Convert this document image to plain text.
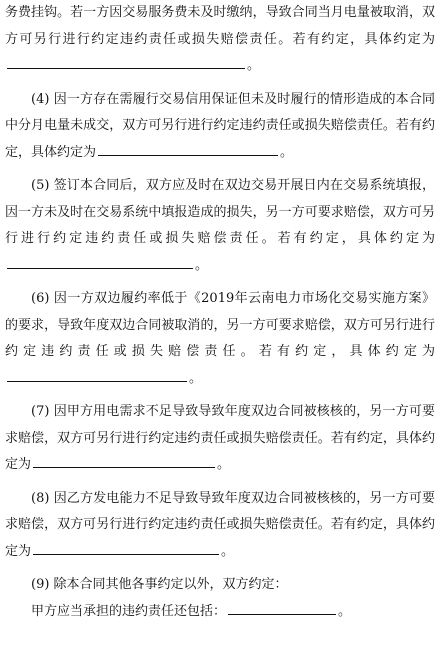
务费挂钩。若一方因交易服务费未及时缴纳，导致合同当月电量被取消，双方可另行进行约定违约责任或损失赔偿责任。若有约定，具体约定为。

(4) 因一方存在需履行交易信用保证但未及时履行的情形造成的本合同中分月电量未成交，双方可另行进行约定违约责任或损失赔偿责任。若有约定，具体约定为	。

(5) 签订本合同后，双方应及时在双边交易开展日内在交易系统填报，因一方未及时在交易系统中填报造成的损失，另一方可要求赔偿，双方可另行进行约定违约责任或损失赔偿责任。若有约定，具体约定为。

(6) 因一方双边履约率低于《2019年云南电力市场化交易实施方案》的要求，导致年度双边合同被取消的，另一方可要求赔偿，双方可另行进行约定违约责任或损失赔偿责任。若有约定，具体约定为。

(7) 因甲方用电需求不足导致导致年度双边合同被核核的，另一方可要求赔偿，双方可另行进行约定违约责任或损失赔偿责任。若有约定，具体约定为	。

(8) 因乙方发电能力不足导致导致年度双边合同被核核的，另一方可要求赔偿，双方可另行进行约定违约责任或损失赔偿责任。若有约定，具体约定为	。

(9) 除本合同其他各事约定以外，双方约定：

甲方应当承担的违约责任还包括：	。
